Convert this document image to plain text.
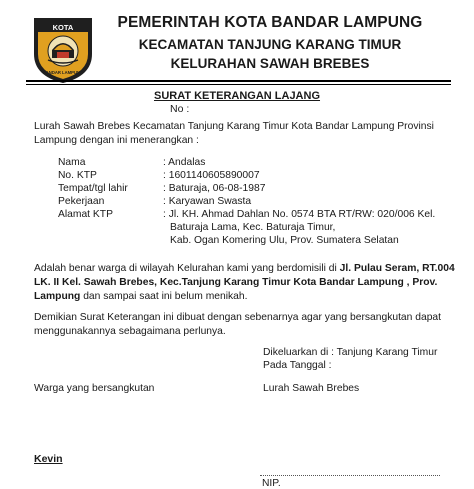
KOTA
BANDAR LAMPUNG
PEMERINTAH KOTA BANDAR LAMPUNG
KECAMATAN TANJUNG KARANG TIMUR
KELURAHAN SAWAH BREBES
SURAT KETERANGAN LAJANG
No :
Lurah Sawah Brebes Kecamatan Tanjung Karang Timur Kota Bandar Lampung Provinsi
Lampung dengan ini menerangkan :
Nama	: Andalas
No. KTP	: 1601140605890007
Tempat/tgl lahir	: Baturaja, 06-08-1987
Pekerjaan	: Karyawan Swasta
Alamat KTP	: Jl. KH. Ahmad Dahlan No. 0574 BTA RT/RW: 020/006 Kel.
Baturaja Lama, Kec. Baturaja Timur,
Kab. Ogan Komering Ulu, Prov. Sumatera Selatan
Adalah benar warga di wilayah Kelurahan kami yang berdomisili di Jl. Pulau Seram, RT.004
LK. II Kel. Sawah Brebes, Kec.Tanjung Karang Timur Kota Bandar Lampung , Prov.
Lampung dan sampai saat ini belum menikah.
Demikian Surat Keterangan ini dibuat dengan sebenarnya agar yang bersangkutan dapat
menggunakannya sebagaimana perlunya.
Dikeluarkan di : Tanjung Karang Timur
Pada Tanggal :
Warga yang bersangkutan	Lurah Sawah Brebes
Kevin
NIP.
